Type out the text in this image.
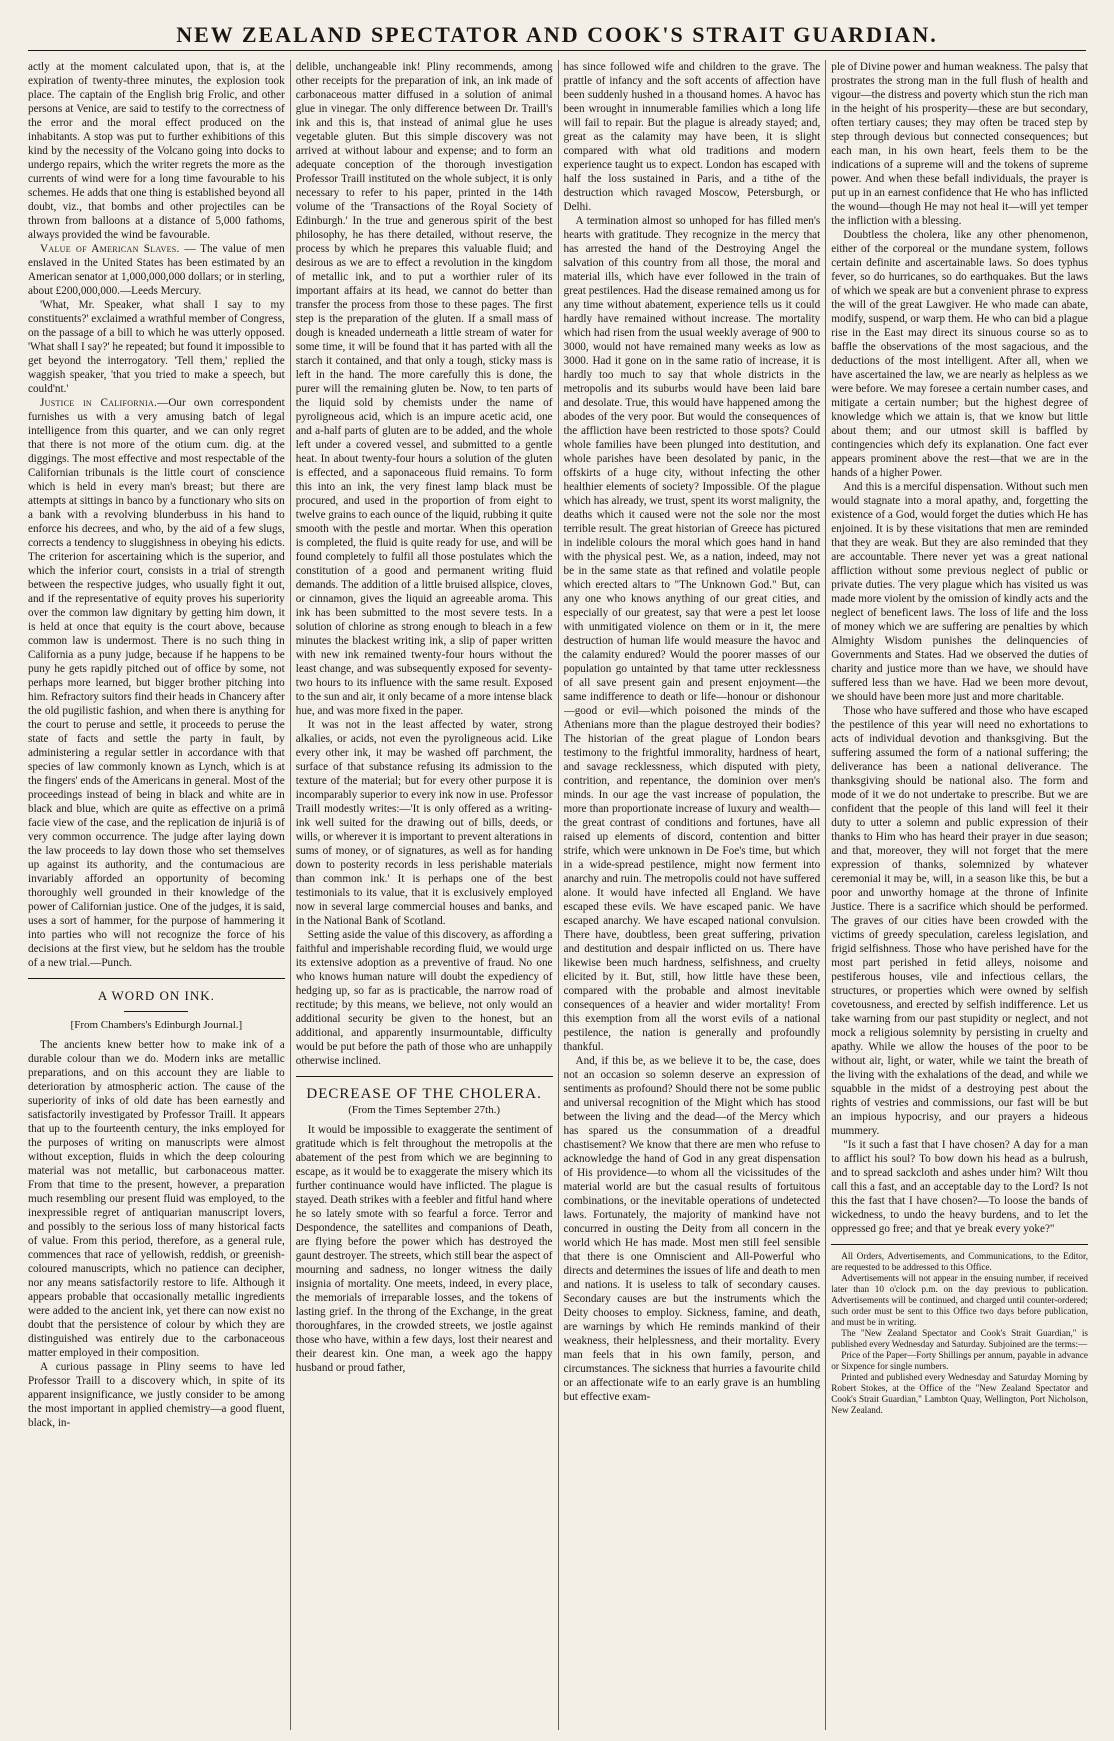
NEW ZEALAND SPECTATOR AND COOK'S STRAIT GUARDIAN.

actly at the moment calculated upon, that is, at the expiration of twenty-three minutes, the explosion took place. The captain of the English brig Frolic, and other persons at Venice, are said to testify to the correctness of the error and the moral effect produced on the inhabitants. A stop was put to further exhibitions of this kind by the necessity of the Volcano going into docks to undergo repairs, which the writer regrets the more as the currents of wind were for a long time favourable to his schemes. He adds that one thing is established beyond all doubt, viz., that bombs and other projectiles can be thrown from balloons at a distance of 5,000 fathoms, always provided the wind be favourable.

Value of American Slaves. — The value of men enslaved in the United States has been estimated by an American senator at 1,000,000,000 dollars; or in sterling, about £200,000,000.—Leeds Mercury.

'What, Mr. Speaker, what shall I say to my constituents?' exclaimed a wrathful member of Congress, on the passage of a bill to which he was utterly opposed. 'What shall I say?' he repeated; but found it impossible to get beyond the interrogatory. 'Tell them,' replied the waggish speaker, 'that you tried to make a speech, but could'nt.'

Justice in California.—Our own correspondent furnishes us with a very amusing batch of legal intelligence from this quarter, and we can only regret that there is not more of the otium cum. dig. at the diggings. The most effective and most respectable of the Californian tribunals is the little court of conscience which is held in every man's breast; but there are attempts at sittings in banco by a functionary who sits on a bank with a revolving blunderbuss in his hand to enforce his decrees, and who, by the aid of a few slugs, corrects a tendency to sluggishness in obeying his edicts. The criterion for ascertaining which is the superior, and which the inferior court, consists in a trial of strength between the respective judges, who usually fight it out, and if the representative of equity proves his superiority over the common law dignitary by getting him down, it is held at once that equity is the court above, because common law is undermost. There is no such thing in California as a puny judge, because if he happens to be puny he gets rapidly pitched out of office by some, not perhaps more learned, but bigger brother pitching into him. Refractory suitors find their heads in Chancery after the old pugilistic fashion, and when there is anything for the court to peruse and settle, it proceeds to peruse the state of facts and settle the party in fault, by administering a regular settler in accordance with that species of law commonly known as Lynch, which is at the fingers' ends of the Americans in general. Most of the proceedings instead of being in black and white are in black and blue, which are quite as effective on a primâ facie view of the case, and the replication de injuriâ is of very common occurrence. The judge after laying down the law proceeds to lay down those who set themselves up against its authority, and the contumacious are invariably afforded an opportunity of becoming thoroughly well grounded in their knowledge of the power of Californian justice. One of the judges, it is said, uses a sort of hammer, for the purpose of hammering it into parties who will not recognize the force of his decisions at the first view, but he seldom has the trouble of a new trial.—Punch.

A WORD ON INK.
[From Chambers's Edinburgh Journal.]

The ancients knew better how to make ink of a durable colour than we do. Modern inks are metallic preparations, and on this account they are liable to deterioration by atmospheric action. The cause of the superiority of inks of old date has been earnestly and satisfactorily investigated by Professor Traill. It appears that up to the fourteenth century, the inks employed for the purposes of writing on manuscripts were almost without exception, fluids in which the deep colouring material was not metallic, but carbonaceous matter. From that time to the present, however, a preparation much resembling our present fluid was employed, to the inexpressible regret of antiquarian manuscript lovers, and possibly to the serious loss of many historical facts of value. From this period, therefore, as a general rule, commences that race of yellowish, reddish, or greenish-coloured manuscripts, which no patience can decipher, nor any means satisfactorily restore to life. Although it appears probable that occasionally metallic ingredients were added to the ancient ink, yet there can now exist no doubt that the persistence of colour by which they are distinguished was entirely due to the carbonaceous matter employed in their composition.

A curious passage in Pliny seems to have led Professor Traill to a discovery which, in spite of its apparent insignificance, we justly consider to be among the most important in applied chemistry—a good fluent, black, in-

delible, unchangeable ink! Pliny recommends, among other receipts for the preparation of ink, an ink made of carbonaceous matter diffused in a solution of animal glue in vinegar. The only difference between Dr. Traill's ink and this is, that instead of animal glue he uses vegetable gluten. But this simple discovery was not arrived at without labour and expense; and to form an adequate conception of the thorough investigation Professor Traill instituted on the whole subject, it is only necessary to refer to his paper, printed in the 14th volume of the 'Transactions of the Royal Society of Edinburgh.' In the true and generous spirit of the best philosophy, he has there detailed, without reserve, the process by which he prepares this valuable fluid; and desirous as we are to effect a revolution in the kingdom of metallic ink, and to put a worthier ruler of its important affairs at its head, we cannot do better than transfer the process from those to these pages. The first step is the preparation of the gluten. If a small mass of dough is kneaded underneath a little stream of water for some time, it will be found that it has parted with all the starch it contained, and that only a tough, sticky mass is left in the hand. The more carefully this is done, the purer will the remaining gluten be. Now, to ten parts of the liquid sold by chemists under the name of pyroligneous acid, which is an impure acetic acid, one and a-half parts of gluten are to be added, and the whole left under a covered vessel, and submitted to a gentle heat. In about twenty-four hours a solution of the gluten is effected, and a saponaceous fluid remains. To form this into an ink, the very finest lamp black must be procured, and used in the proportion of from eight to twelve grains to each ounce of the liquid, rubbing it quite smooth with the pestle and mortar. When this operation is completed, the fluid is quite ready for use, and will be found completely to fulfil all those postulates which the constitution of a good and permanent writing fluid demands. The addition of a little bruised allspice, cloves, or cinnamon, gives the liquid an agreeable aroma. This ink has been submitted to the most severe tests. In a solution of chlorine as strong enough to bleach in a few minutes the blackest writing ink, a slip of paper written with new ink remained twenty-four hours without the least change, and was subsequently exposed for seventy-two hours to its influence with the same result. Exposed to the sun and air, it only became of a more intense black hue, and was more fixed in the paper.

It was not in the least affected by water, strong alkalies, or acids, not even the pyroligneous acid. Like every other ink, it may be washed off parchment, the surface of that substance refusing its admission to the texture of the material; but for every other purpose it is incomparably superior to every ink now in use. Professor Traill modestly writes:—'It is only offered as a writing-ink well suited for the drawing out of bills, deeds, or wills, or wherever it is important to prevent alterations in sums of money, or of signatures, as well as for handing down to posterity records in less perishable materials than common ink.' It is perhaps one of the best testimonials to its value, that it is exclusively employed now in several large commercial houses and banks, and in the National Bank of Scotland.

Setting aside the value of this discovery, as affording a faithful and imperishable recording fluid, we would urge its extensive adoption as a preventive of fraud. No one who knows human nature will doubt the expediency of hedging up, so far as is practicable, the narrow road of rectitude; by this means, we believe, not only would an additional security be given to the honest, but an additional, and apparently insurmountable, difficulty would be put before the path of those who are unhappily otherwise inclined.

DECREASE OF THE CHOLERA.
(From the Times September 27th.)

It would be impossible to exaggerate the sentiment of gratitude which is felt throughout the metropolis at the abatement of the pest from which we are beginning to escape, as it would be to exaggerate the misery which its further continuance would have inflicted. The plague is stayed. Death strikes with a feebler and fitful hand where he so lately smote with so fearful a force. Terror and Despondence, the satellites and companions of Death, are flying before the power which has destroyed the gaunt destroyer. The streets, which still bear the aspect of mourning and sadness, no longer witness the daily insignia of mortality. One meets, indeed, in every place, the memorials of irreparable losses, and the tokens of lasting grief. In the throng of the Exchange, in the great thoroughfares, in the crowded streets, we jostle against those who have, within a few days, lost their nearest and their dearest kin. One man, a week ago the happy husband or proud father,

has since followed wife and children to the grave. The prattle of infancy and the soft accents of affection have been suddenly hushed in a thousand homes. A havoc has been wrought in innumerable families which a long life will fail to repair. But the plague is already stayed; and, great as the calamity may have been, it is slight compared with what old traditions and modern experience taught us to expect. London has escaped with half the loss sustained in Paris, and a tithe of the destruction which ravaged Moscow, Petersburgh, or Delhi.

A termination almost so unhoped for has filled men's hearts with gratitude. They recognize in the mercy that has arrested the hand of the Destroying Angel the salvation of this country from all those, the moral and material ills, which have ever followed in the train of great pestilences. Had the disease remained among us for any time without abatement, experience tells us it could hardly have remained without increase. The mortality which had risen from the usual weekly average of 900 to 3000, would not have remained many weeks as low as 3000. Had it gone on in the same ratio of increase, it is hardly too much to say that whole districts in the metropolis and its suburbs would have been laid bare and desolate. True, this would have happened among the abodes of the very poor. But would the consequences of the affliction have been restricted to those spots? Could whole families have been plunged into destitution, and whole parishes have been desolated by panic, in the offskirts of a huge city, without infecting the other healthier elements of society? Impossible. Of the plague which has already, we trust, spent its worst malignity, the deaths which it caused were not the sole nor the most terrible result. The great historian of Greece has pictured in indelible colours the moral which goes hand in hand with the physical pest. We, as a nation, indeed, may not be in the same state as that refined and volatile people which erected altars to "The Unknown God." But, can any one who knows anything of our great cities, and especially of our greatest, say that were a pest let loose with unmitigated violence on them or in it, the mere destruction of human life would measure the havoc and the calamity endured? Would the poorer masses of our population go untainted by that tame utter recklessness of all save present gain and present enjoyment—the same indifference to death or life—honour or dishonour—good or evil—which poisoned the minds of the Athenians more than the plague destroyed their bodies? The historian of the great plague of London bears testimony to the frightful immorality, hardness of heart, and savage recklessness, which disputed with piety, contrition, and repentance, the dominion over men's minds. In our age the vast increase of population, the more than proportionate increase of luxury and wealth—the great contrast of conditions and fortunes, have all raised up elements of discord, contention and bitter strife, which were unknown in De Foe's time, but which in a wide-spread pestilence, might now ferment into anarchy and ruin. The metropolis could not have suffered alone. It would have infected all England. We have escaped these evils. We have escaped panic. We have escaped anarchy. We have escaped national convulsion. There have, doubtless, been great suffering, privation and destitution and despair inflicted on us. There have likewise been much hardness, selfishness, and cruelty elicited by it. But, still, how little have these been, compared with the probable and almost inevitable consequences of a heavier and wider mortality! From this exemption from all the worst evils of a national pestilence, the nation is generally and profoundly thankful.

And, if this be, as we believe it to be, the case, does not an occasion so solemn deserve an expression of sentiments as profound? Should there not be some public and universal recognition of the Might which has stood between the living and the dead—of the Mercy which has spared us the consummation of a dreadful chastisement? We know that there are men who refuse to acknowledge the hand of God in any great dispensation of His providence—to whom all the vicissitudes of the material world are but the casual results of fortuitous combinations, or the inevitable operations of undetected laws. Fortunately, the majority of mankind have not concurred in ousting the Deity from all concern in the world which He has made. Most men still feel sensible that there is one Omniscient and All-Powerful who directs and determines the issues of life and death to men and nations. It is useless to talk of secondary causes. Secondary causes are but the instruments which the Deity chooses to employ. Sickness, famine, and death, are warnings by which He reminds mankind of their weakness, their helplessness, and their mortality. Every man feels that in his own family, person, and circumstances. The sickness that hurries a favourite child or an affectionate wife to an early grave is an humbling but effective exam-

ple of Divine power and human weakness. The palsy that prostrates the strong man in the full flush of health and vigour—the distress and poverty which stun the rich man in the height of his prosperity—these are but secondary, often tertiary causes; they may often be traced step by step through devious but connected consequences; but each man, in his own heart, feels them to be the indications of a supreme will and the tokens of supreme power. And when these befall individuals, the prayer is put up in an earnest confidence that He who has inflicted the wound—though He may not heal it—will yet temper the infliction with a blessing.

Doubtless the cholera, like any other phenomenon, either of the corporeal or the mundane system, follows certain definite and ascertainable laws. So does typhus fever, so do hurricanes, so do earthquakes. But the laws of which we speak are but a convenient phrase to express the will of the great Lawgiver. He who made can abate, modify, suspend, or warp them. He who can bid a plague rise in the East may direct its sinuous course so as to baffle the observations of the most sagacious, and the deductions of the most intelligent. After all, when we have ascertained the law, we are nearly as helpless as we were before. We may foresee a certain number cases, and mitigate a certain number; but the highest degree of knowledge which we attain is, that we know but little about them; and our utmost skill is baffled by contingencies which defy its explanation. One fact ever appears prominent above the rest—that we are in the hands of a higher Power.

And this is a merciful dispensation. Without such men would stagnate into a moral apathy, and, forgetting the existence of a God, would forget the duties which He has enjoined. It is by these visitations that men are reminded that they are weak. But they are also reminded that they are accountable. There never yet was a great national affliction without some previous neglect of public or private duties. The very plague which has visited us was made more violent by the omission of kindly acts and the neglect of beneficent laws. The loss of life and the loss of money which we are suffering are penalties by which Almighty Wisdom punishes the delinquencies of Governments and States. Had we observed the duties of charity and justice more than we have, we should have suffered less than we have. Had we been more devout, we should have been more just and more charitable.

Those who have suffered and those who have escaped the pestilence of this year will need no exhortations to acts of individual devotion and thanksgiving. But the suffering assumed the form of a national suffering; the deliverance has been a national deliverance. The thanksgiving should be national also. The form and mode of it we do not undertake to prescribe. But we are confident that the people of this land will feel it their duty to utter a solemn and public expression of their thanks to Him who has heard their prayer in due season; and that, moreover, they will not forget that the mere expression of thanks, solemnized by whatever ceremonial it may be, will, in a season like this, be but a poor and unworthy homage at the throne of Infinite Justice. There is a sacrifice which should be performed. The graves of our cities have been crowded with the victims of greedy speculation, careless legislation, and frigid selfishness. Those who have perished have for the most part perished in fetid alleys, noisome and pestiferous houses, vile and infectious cellars, the structures, or properties which were owned by selfish covetousness, and erected by selfish indifference. Let us take warning from our past stupidity or neglect, and not mock a religious solemnity by persisting in cruelty and apathy. While we allow the houses of the poor to be without air, light, or water, while we taint the breath of the living with the exhalations of the dead, and while we squabble in the midst of a destroying pest about the rights of vestries and commissions, our fast will be but an impious hypocrisy, and our prayers a hideous mummery.

"Is it such a fast that I have chosen? A day for a man to afflict his soul? To bow down his head as a bulrush, and to spread sackcloth and ashes under him? Wilt thou call this a fast, and an acceptable day to the Lord? Is not this the fast that I have chosen?—To loose the bands of wickedness, to undo the heavy burdens, and to let the oppressed go free; and that ye break every yoke?"

All Orders, Advertisements, and Communications, to the Editor, are requested to be addressed to this Office.

Advertisements will not appear in the ensuing number, if received later than 10 o'clock p.m. on the day previous to publication. Advertisements will be continued, and charged until counter-ordered; such order must be sent to this Office two days before publication, and must be in writing.

The "New Zealand Spectator and Cook's Strait Guardian," is published every Wednesday and Saturday. Subjoined are the terms:—

Price of the Paper—Forty Shillings per annum, payable in advance or Sixpence for single numbers.

Printed and published every Wednesday and Saturday Morning by Robert Stokes, at the Office of the "New Zealand Spectator and Cook's Strait Guardian," Lambton Quay, Wellington, Port Nicholson, New Zealand.
